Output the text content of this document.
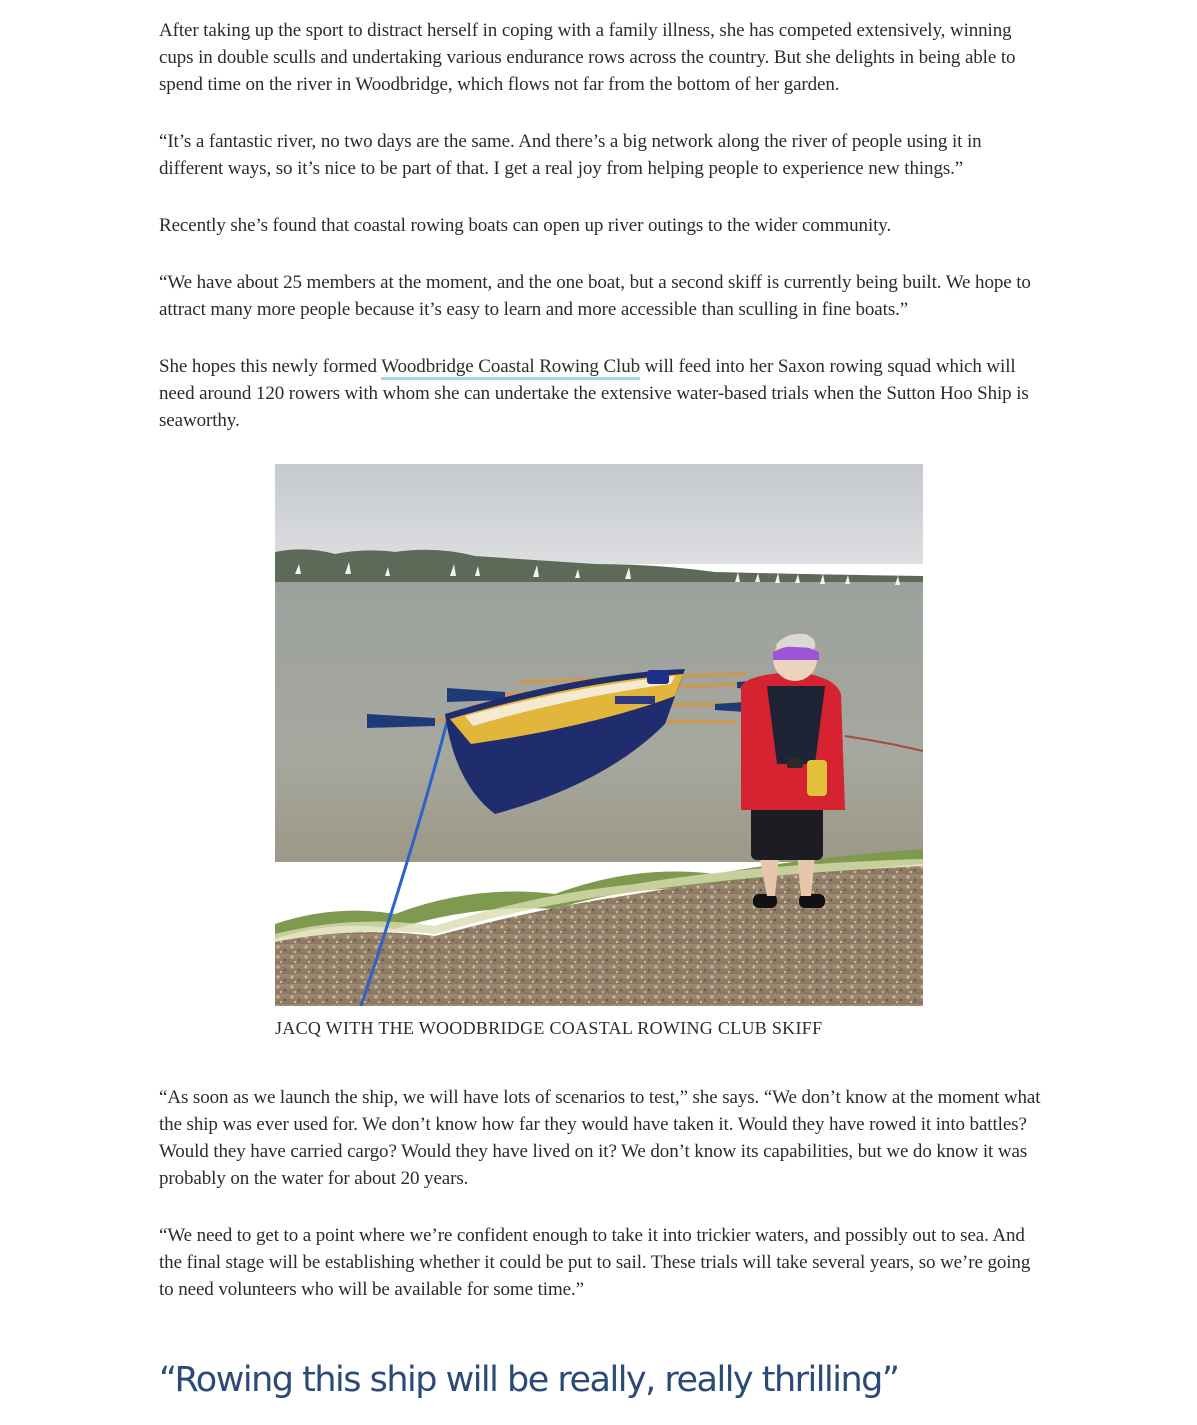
After taking up the sport to distract herself in coping with a family illness, she has competed extensively, winning cups in double sculls and undertaking various endurance rows across the country. But she delights in being able to spend time on the river in Woodbridge, which flows not far from the bottom of her garden.

“It’s a fantastic river, no two days are the same. And there’s a big network along the river of people using it in different ways, so it’s nice to be part of that. I get a real joy from helping people to experience new things.”

Recently she’s found that coastal rowing boats can open up river outings to the wider community.

“We have about 25 members at the moment, and the one boat, but a second skiff is currently being built. We hope to attract many more people because it’s easy to learn and more accessible than sculling in fine boats.”

She hopes this newly formed Woodbridge Coastal Rowing Club will feed into her Saxon rowing squad which will need around 120 rowers with whom she can undertake the extensive water-based trials when the Sutton Hoo Ship is seaworthy.

Whisstock
JACQ WITH THE WOODBRIDGE COASTAL ROWING CLUB SKIFF

“As soon as we launch the ship, we will have lots of scenarios to test,” she says. “We don’t know at the moment what the ship was ever used for. We don’t know how far they would have taken it. Would they have rowed it into battles? Would they have carried cargo? Would they have lived on it? We don’t know its capabilities, but we do know it was probably on the water for about 20 years.

“We need to get to a point where we’re confident enough to take it into trickier waters, and possibly out to sea. And the final stage will be establishing whether it could be put to sail. These trials will take several years, so we’re going to need volunteers who will be available for some time.”

“Rowing this ship will be really, really thrilling”
